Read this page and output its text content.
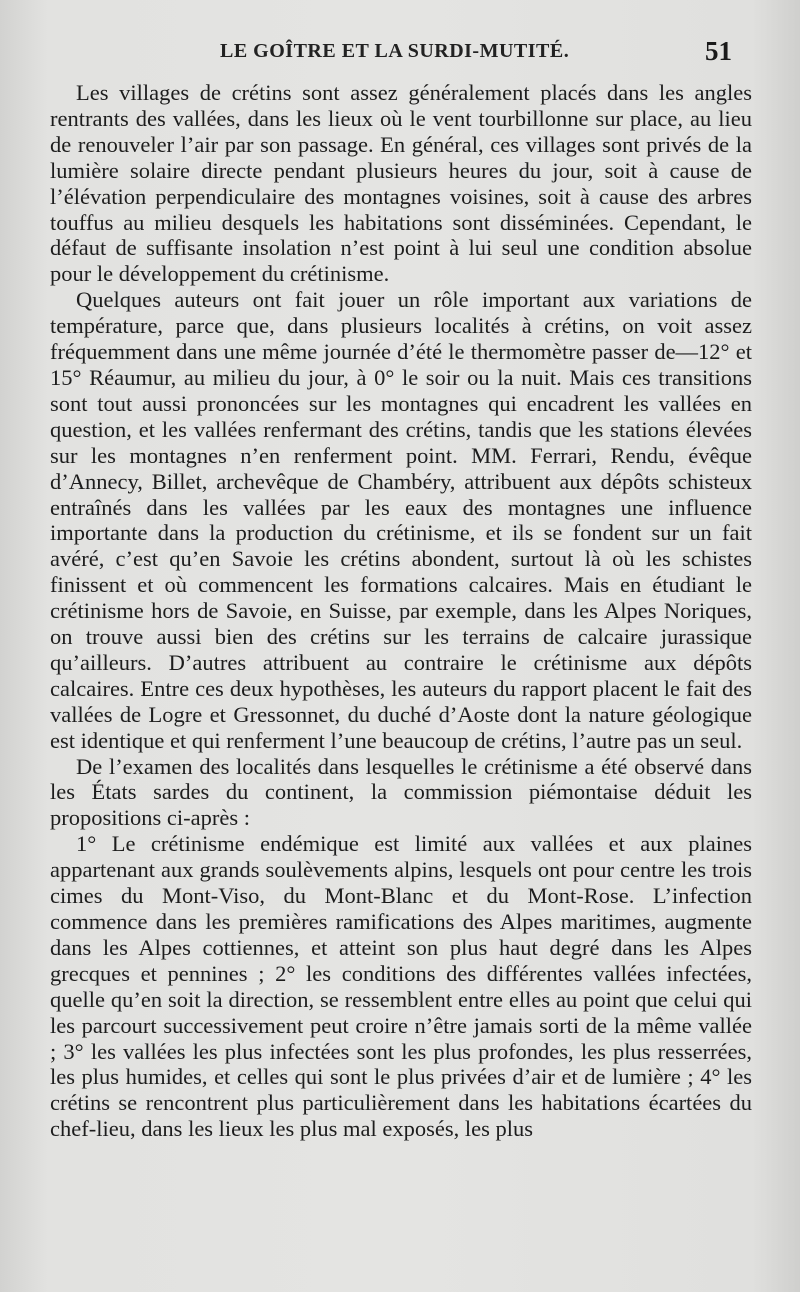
LE GOÎTRE ET LA SURDI-MUTITÉ.	51

Les villages de crétins sont assez généralement placés dans les angles rentrants des vallées, dans les lieux où le vent tourbillonne sur place, au lieu de renouveler l’air par son passage. En général, ces villages sont privés de la lumière solaire directe pendant plusieurs heures du jour, soit à cause de l’élévation perpendiculaire des montagnes voisines, soit à cause des arbres touffus au milieu desquels les habitations sont disséminées. Cependant, le défaut de suffisante insolation n’est point à lui seul une condition absolue pour le développement du crétinisme.

Quelques auteurs ont fait jouer un rôle important aux variations de température, parce que, dans plusieurs localités à crétins, on voit assez fréquemment dans une même journée d’été le thermomètre passer de—12° et 15° Réaumur, au milieu du jour, à 0° le soir ou la nuit. Mais ces transitions sont tout aussi prononcées sur les montagnes qui encadrent les vallées en question, et les vallées renfermant des crétins, tandis que les stations élevées sur les montagnes n’en renferment point. MM. Ferrari, Rendu, évêque d’Annecy, Billet, archevêque de Chambéry, attribuent aux dépôts schisteux entraînés dans les vallées par les eaux des montagnes une influence importante dans la production du crétinisme, et ils se fondent sur un fait avéré, c’est qu’en Savoie les crétins abondent, surtout là où les schistes finissent et où commencent les formations calcaires. Mais en étudiant le crétinisme hors de Savoie, en Suisse, par exemple, dans les Alpes Noriques, on trouve aussi bien des crétins sur les terrains de calcaire jurassique qu’ailleurs. D’autres attribuent au contraire le crétinisme aux dépôts calcaires. Entre ces deux hypothèses, les auteurs du rapport placent le fait des vallées de Logre et Gressonnet, du duché d’Aoste dont la nature géologique est identique et qui renferment l’une beaucoup de crétins, l’autre pas un seul.

De l’examen des localités dans lesquelles le crétinisme a été observé dans les États sardes du continent, la commission piémontaise déduit les propositions ci-après :

1° Le crétinisme endémique est limité aux vallées et aux plaines appartenant aux grands soulèvements alpins, lesquels ont pour centre les trois cimes du Mont-Viso, du Mont-Blanc et du Mont-Rose. L’infection commence dans les premières ramifications des Alpes maritimes, augmente dans les Alpes cottiennes, et atteint son plus haut degré dans les Alpes grecques et pennines ; 2° les conditions des différentes vallées infectées, quelle qu’en soit la direction, se ressemblent entre elles au point que celui qui les parcourt successivement peut croire n’être jamais sorti de la même vallée ; 3° les vallées les plus infectées sont les plus profondes, les plus resserrées, les plus humides, et celles qui sont le plus privées d’air et de lumière ; 4° les crétins se rencontrent plus particulièrement dans les habitations écartées du chef-lieu, dans les lieux les plus mal exposés, les plus
